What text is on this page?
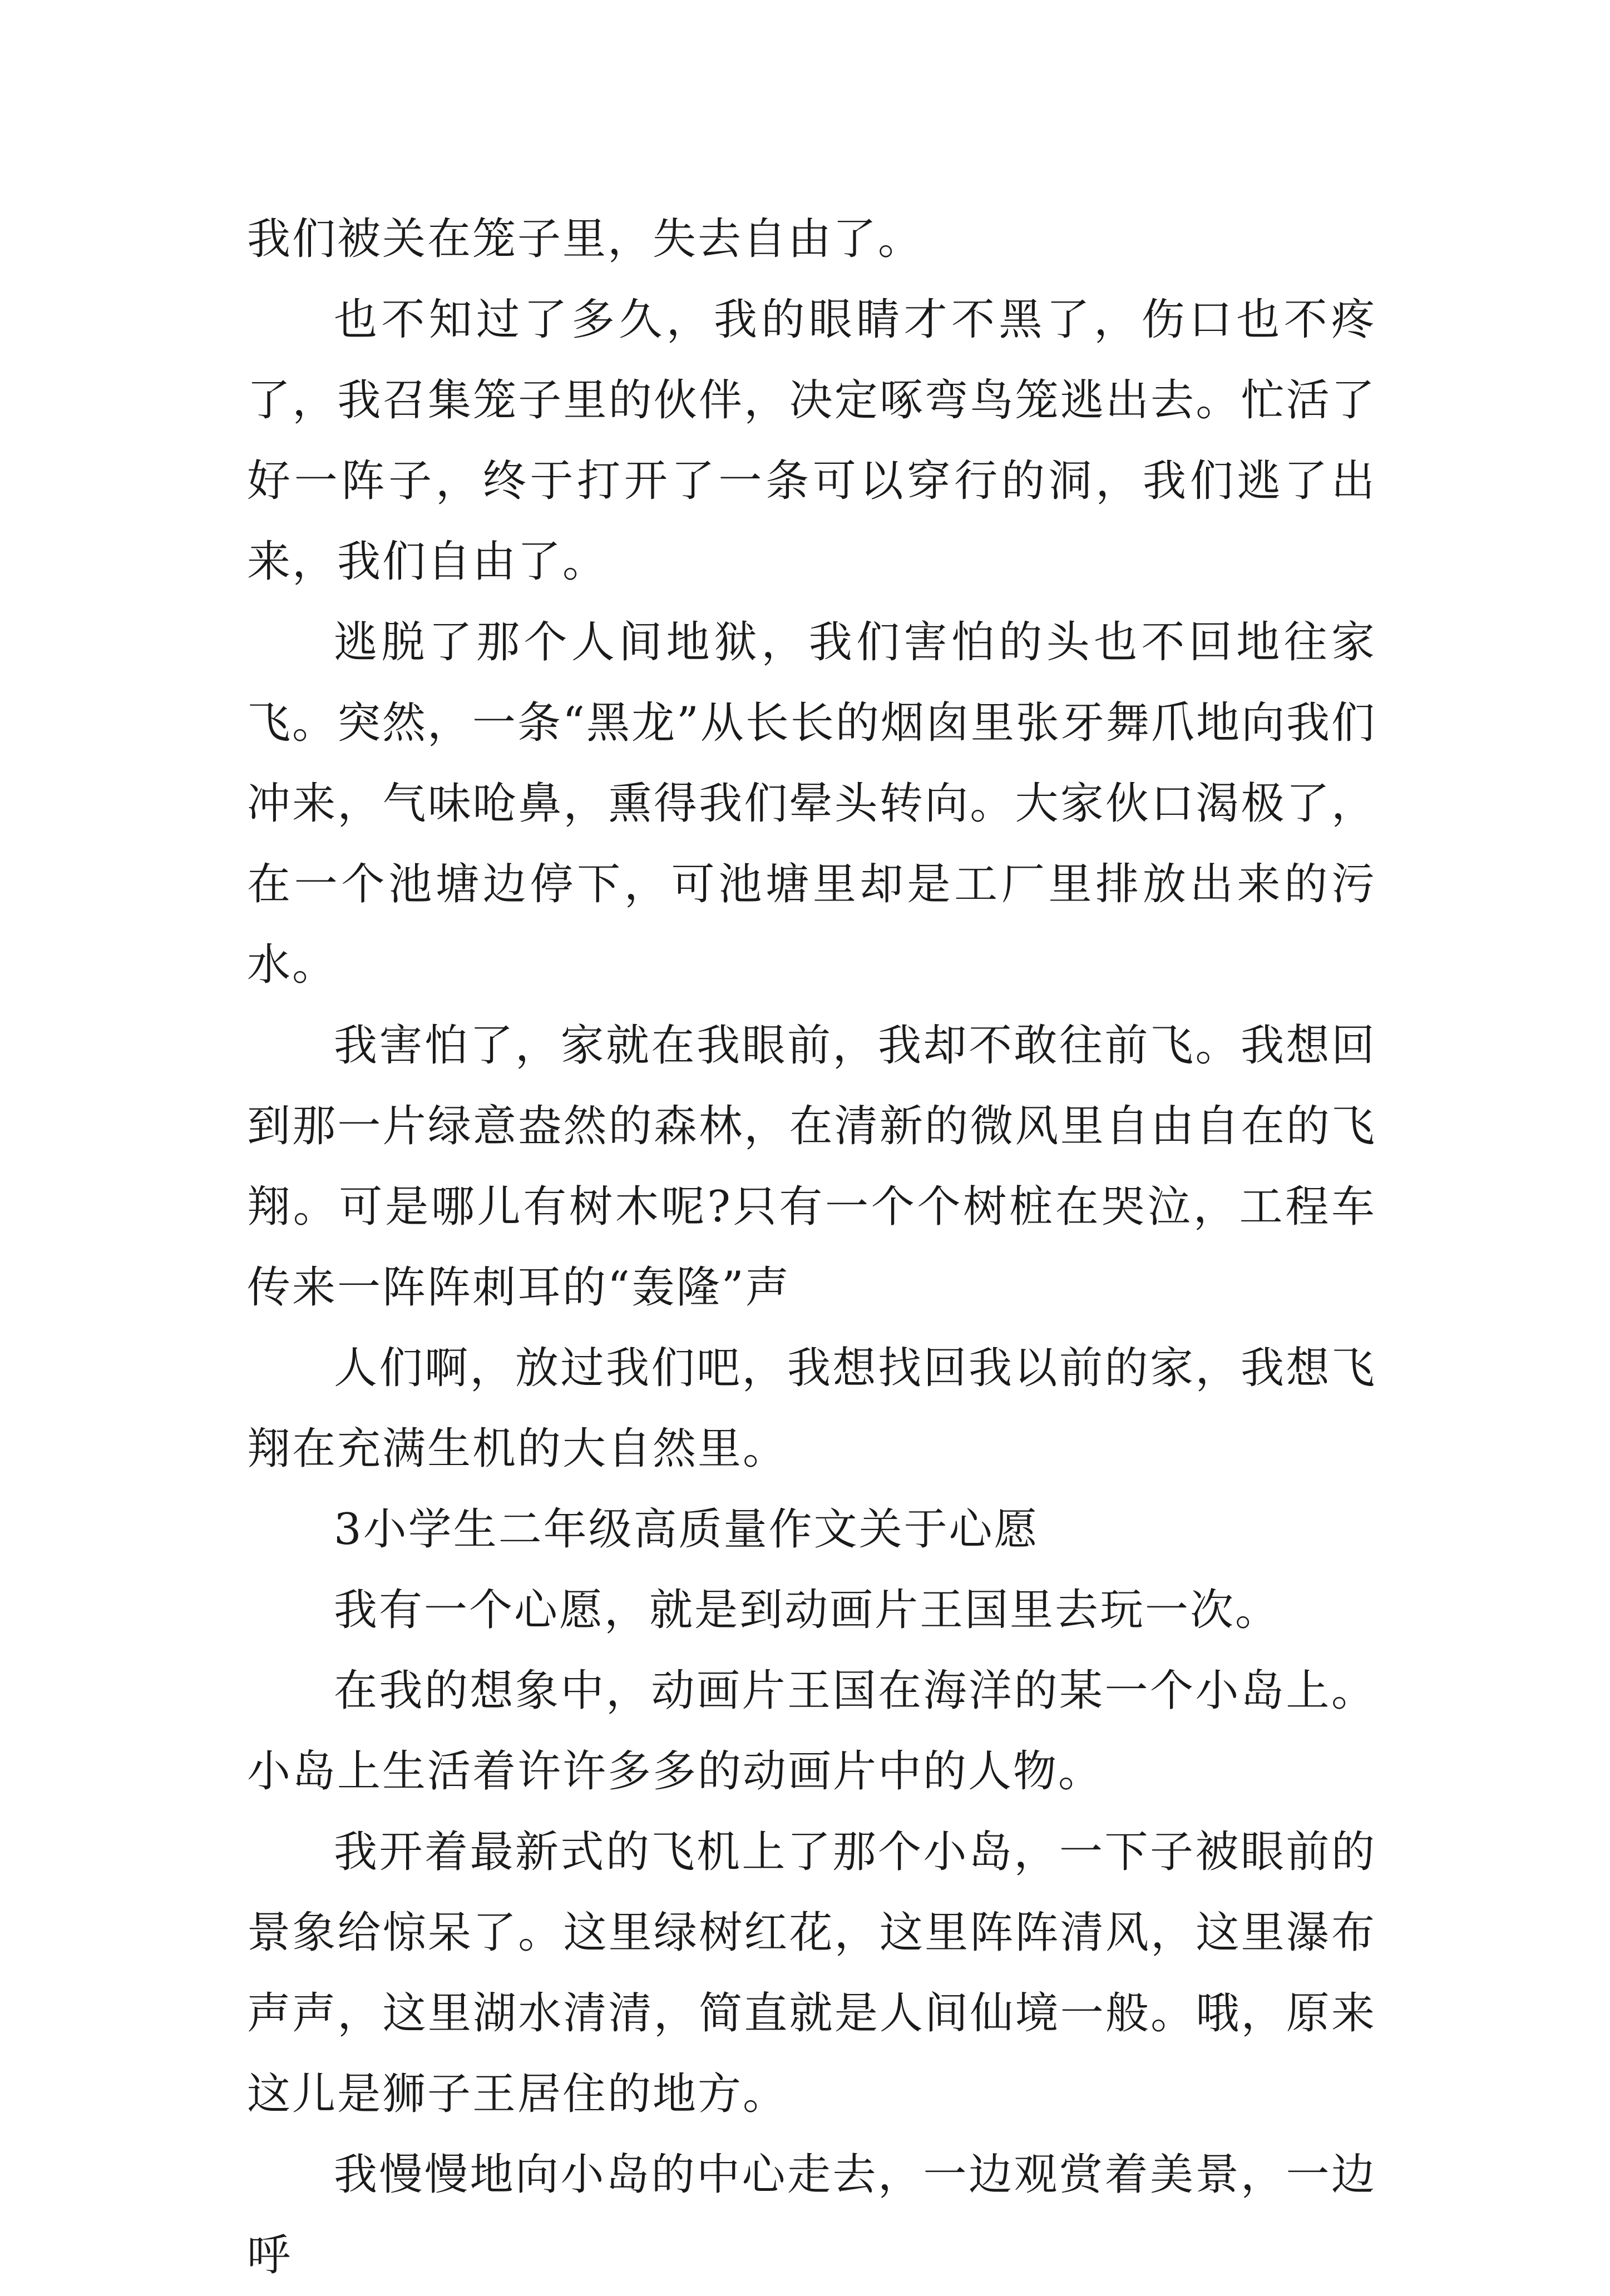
我们被关在笼子里，失去自由了。

也不知过了多久，我的眼睛才不黑了，伤口也不疼了，我召集笼子里的伙伴，决定啄弯鸟笼逃出去。忙活了好一阵子，终于打开了一条可以穿行的洞，我们逃了出来，我们自由了。

逃脱了那个人间地狱，我们害怕的头也不回地往家飞。突然，一条“黑龙”从长长的烟囱里张牙舞爪地向我们冲来，气味呛鼻，熏得我们晕头转向。大家伙口渴极了，在一个池塘边停下，可池塘里却是工厂里排放出来的污水。

我害怕了，家就在我眼前，我却不敢往前飞。我想回到那一片绿意盎然的森林，在清新的微风里自由自在的飞翔。可是哪儿有树木呢?只有一个个树桩在哭泣，工程车传来一阵阵刺耳的“轰隆”声

人们啊，放过我们吧，我想找回我以前的家，我想飞翔在充满生机的大自然里。

3小学生二年级高质量作文关于心愿

我有一个心愿，就是到动画片王国里去玩一次。

在我的想象中，动画片王国在海洋的某一个小岛上。小岛上生活着许许多多的动画片中的人物。

我开着最新式的飞机上了那个小岛，一下子被眼前的景象给惊呆了。这里绿树红花，这里阵阵清风，这里瀑布声声，这里湖水清清，简直就是人间仙境一般。哦，原来这儿是狮子王居住的地方。

我慢慢地向小岛的中心走去，一边观赏着美景，一边呼
